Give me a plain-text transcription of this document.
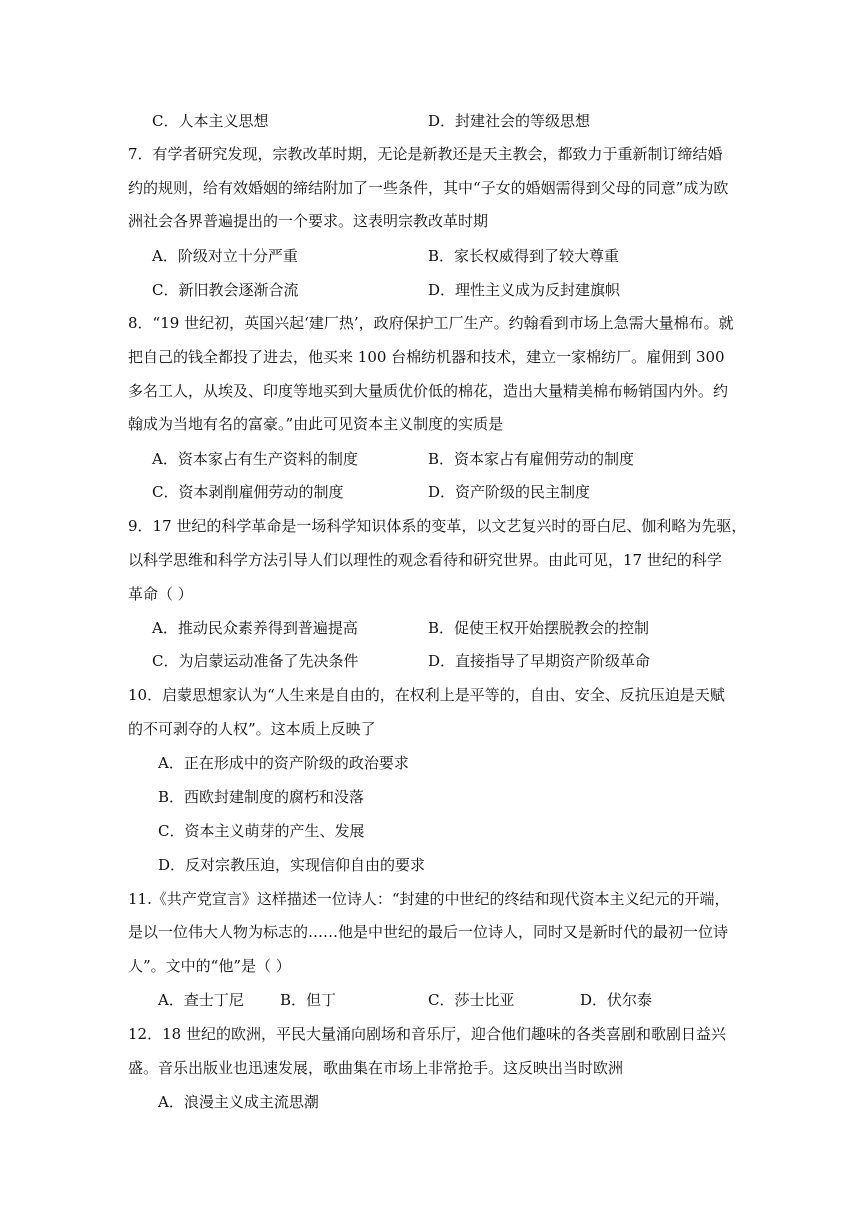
C．人本主义思想	D．封建社会的等级思想
7．有学者研究发现，宗教改革时期，无论是新教还是天主教会，都致力于重新制订缔结婚
约的规则，给有效婚姻的缔结附加了一些条件，其中“子女的婚姻需得到父母的同意”成为欧
洲社会各界普遍提出的一个要求。这表明宗教改革时期
A．阶级对立十分严重	B．家长权威得到了较大尊重
C．新旧教会逐渐合流	D．理性主义成为反封建旗帜
8．“19 世纪初，英国兴起‘建厂热’，政府保护工厂生产。约翰看到市场上急需大量棉布。就
把自己的钱全都投了进去，他买来 100 台棉纺机器和技术，建立一家棉纺厂。雇佣到 300
多名工人，从埃及、印度等地买到大量质优价低的棉花，造出大量精美棉布畅销国内外。约
翰成为当地有名的富豪。”由此可见资本主义制度的实质是
A．资本家占有生产资料的制度	B．资本家占有雇佣劳动的制度
C．资本剥削雇佣劳动的制度	D．资产阶级的民主制度
9．17 世纪的科学革命是一场科学知识体系的变革，以文艺复兴时的哥白尼、伽利略为先驱，
以科学思维和科学方法引导人们以理性的观念看待和研究世界。由此可见，17 世纪的科学
革命（ ）
A．推动民众素养得到普遍提高	B．促使王权开始摆脱教会的控制
C．为启蒙运动准备了先决条件	D．直接指导了早期资产阶级革命
10．启蒙思想家认为“人生来是自由的，在权利上是平等的，自由、安全、反抗压迫是天赋
的不可剥夺的人权”。这本质上反映了
A．正在形成中的资产阶级的政治要求
B．西欧封建制度的腐朽和没落
C．资本主义萌芽的产生、发展
D．反对宗教压迫，实现信仰自由的要求
11.《共产党宣言》这样描述一位诗人：“封建的中世纪的终结和现代资本主义纪元的开端，
是以一位伟大人物为标志的……他是中世纪的最后一位诗人，同时又是新时代的最初一位诗
人”。文中的“他”是（ ）
A．查士丁尼 B．但丁	C．莎士比亚	D．伏尔泰
12．18 世纪的欧洲，平民大量涌向剧场和音乐厅，迎合他们趣味的各类喜剧和歌剧日益兴
盛。音乐出版业也迅速发展，歌曲集在市场上非常抢手。这反映出当时欧洲
A．浪漫主义成主流思潮
